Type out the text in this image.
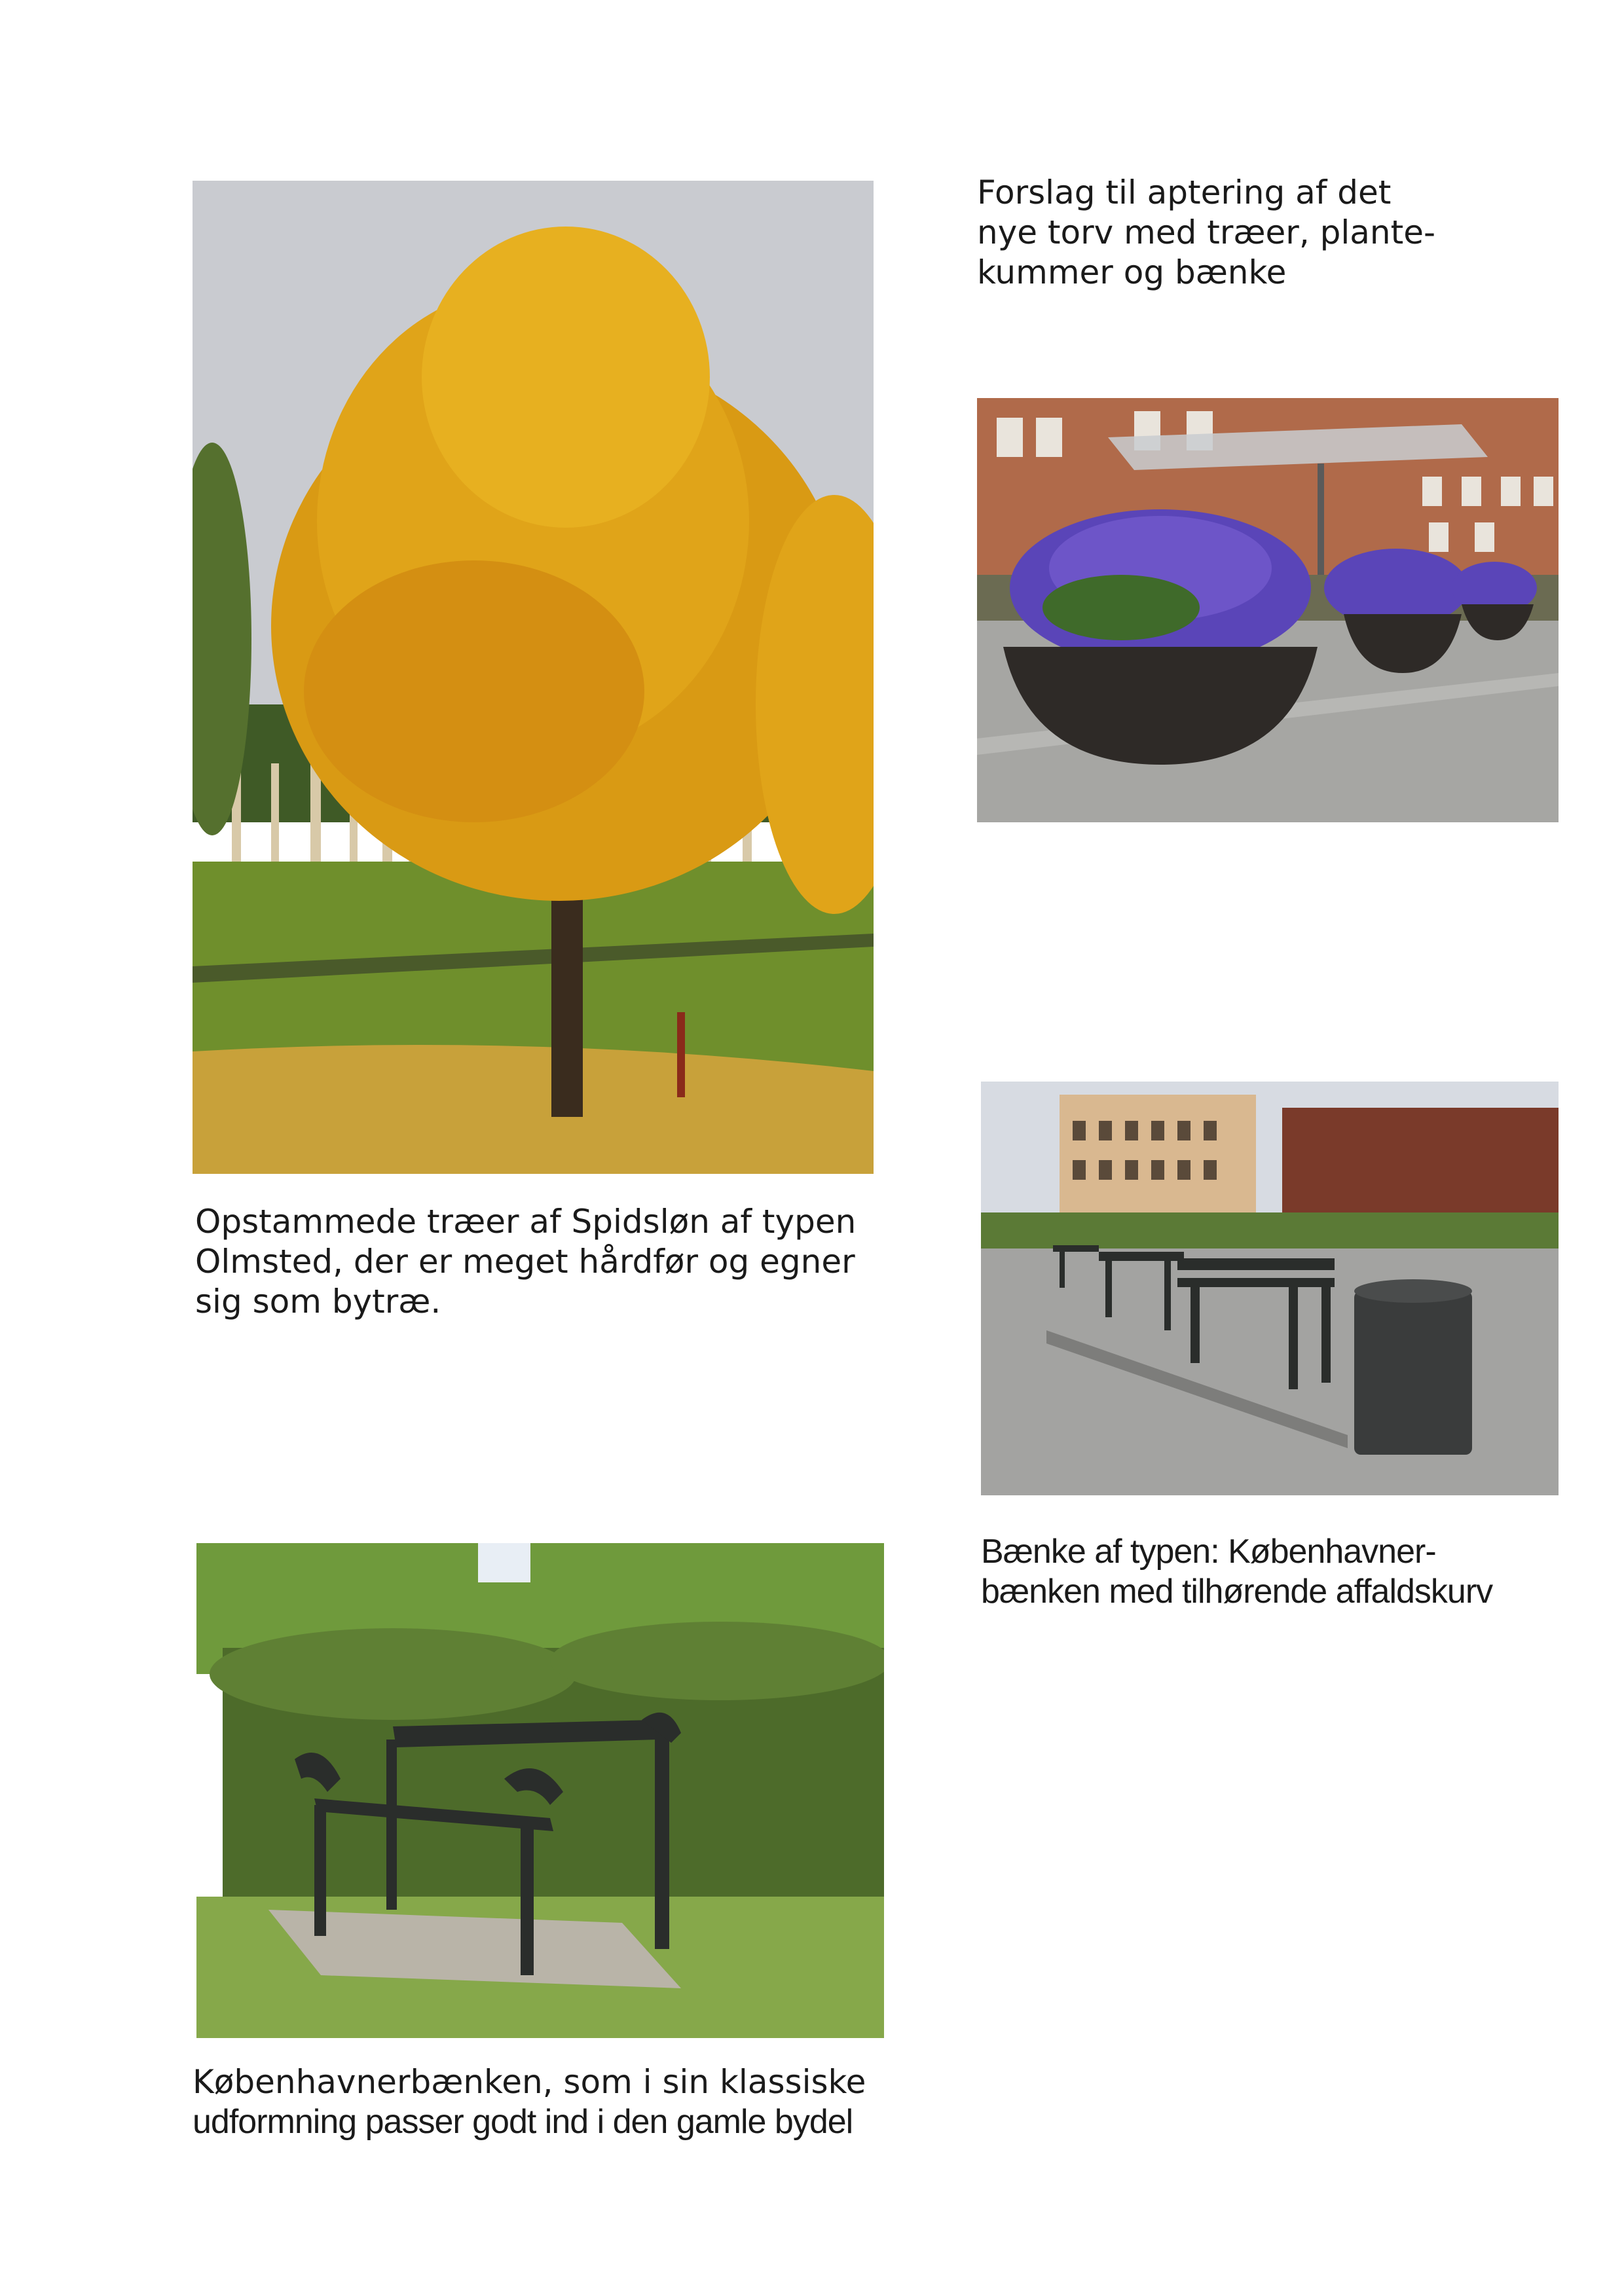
Forslag til aptering af det
nye torv med træer, plante-
kummer og bænke

Opstammede træer af Spidsløn af typen
Olmsted, der er meget hårdfør og egner
sig som bytræ.

Bænke af typen: Københavner-
bænken med tilhørende affaldskurv

Københavnerbænken, som i sin klassiske
udformning passer godt ind i den gamle bydel
